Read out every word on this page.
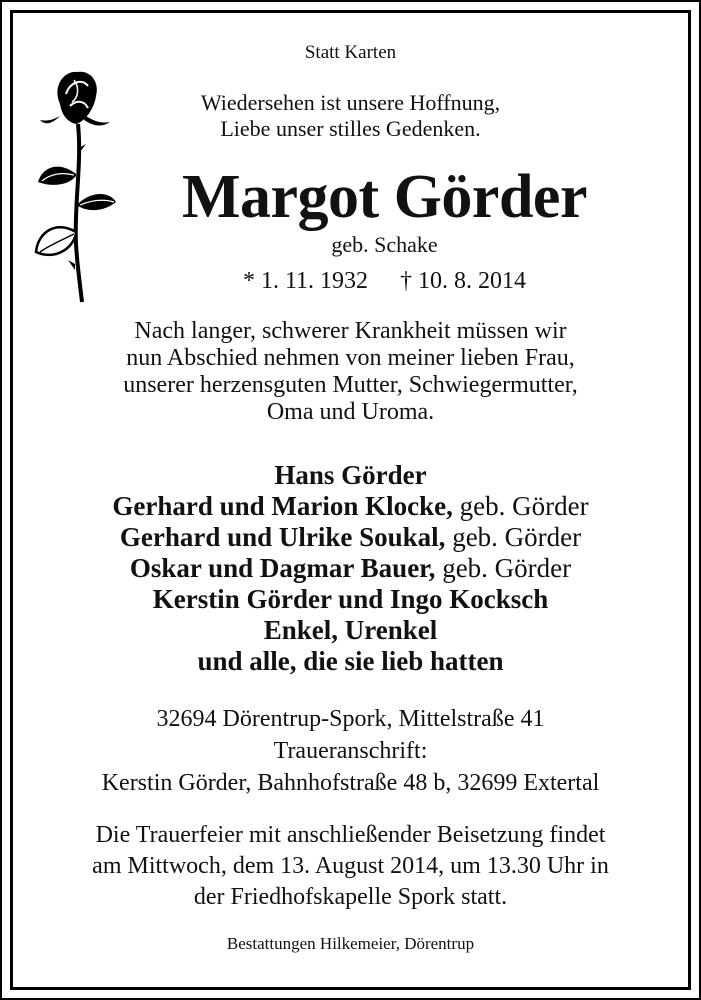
Statt Karten
Wiedersehen ist unsere Hoffnung,
Liebe unser stilles Gedenken.
Margot Görder
geb. Schake
* 1. 11. 1932 † 10. 8. 2014
Nach langer, schwerer Krankheit müssen wir
nun Abschied nehmen von meiner lieben Frau,
unserer herzensguten Mutter, Schwiegermutter,
Oma und Uroma.
Hans Görder
Gerhard und Marion Klocke, geb. Görder
Gerhard und Ulrike Soukal, geb. Görder
Oskar und Dagmar Bauer, geb. Görder
Kerstin Görder und Ingo Kocksch
Enkel, Urenkel
und alle, die sie lieb hatten
32694 Dörentrup-Spork, Mittelstraße 41
Traueranschrift:
Kerstin Görder, Bahnhofstraße 48 b, 32699 Extertal
Die Trauerfeier mit anschließender Beisetzung findet
am Mittwoch, dem 13. August 2014, um 13.30 Uhr in
der Friedhofskapelle Spork statt.
Bestattungen Hilkemeier, Dörentrup
